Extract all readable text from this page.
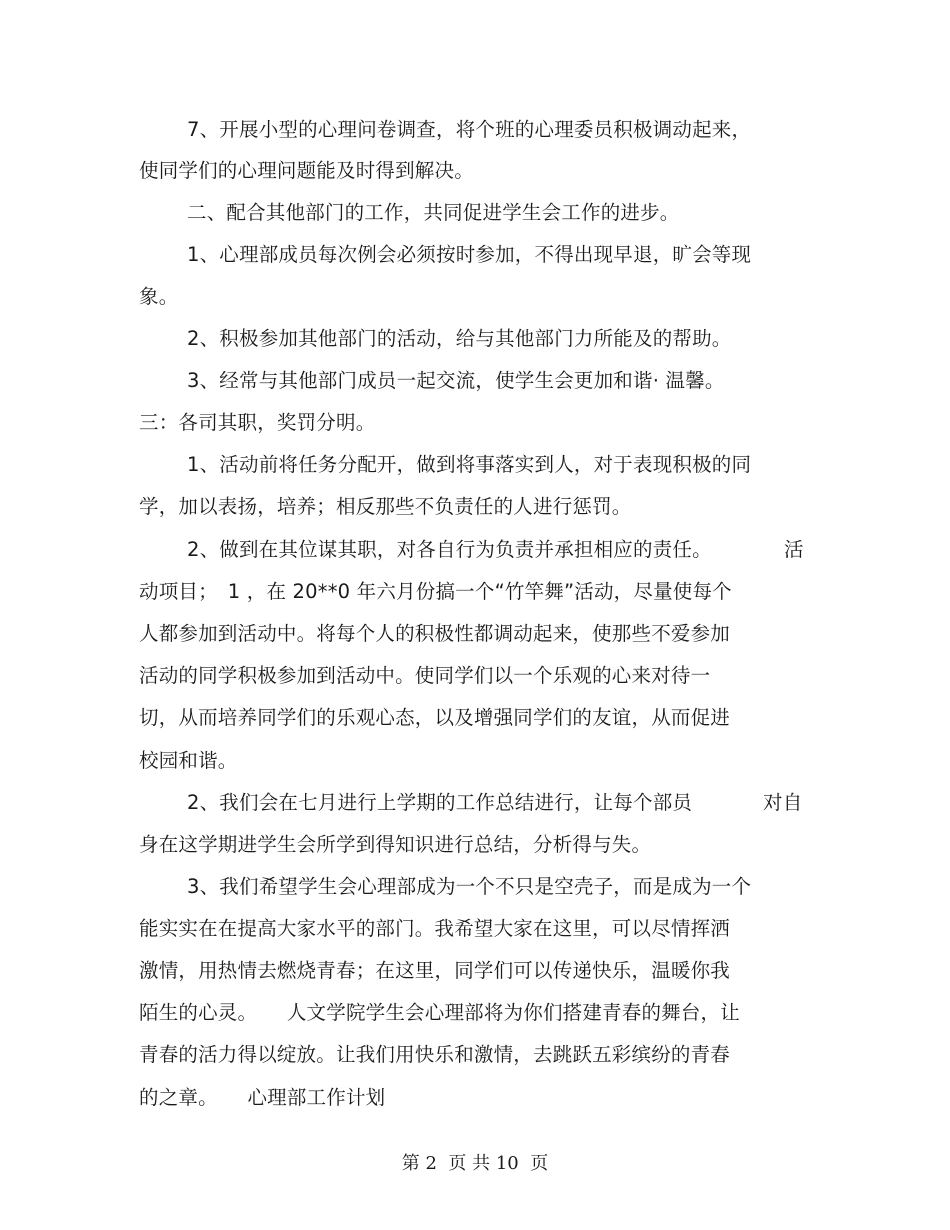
7、开展小型的心理问卷调查，将个班的心理委员积极调动起来，
使同学们的心理问题能及时得到解决。
二、配合其他部门的工作，共同促进学生会工作的进步。
1、心理部成员每次例会必须按时参加，不得出现早退，旷会等现
象。
2、积极参加其他部门的活动，给与其他部门力所能及的帮助。
3、经常与其他部门成员一起交流，使学生会更加和谐· 温馨。
三：各司其职，奖罚分明。
1、活动前将任务分配开，做到将事落实到人，对于表现积极的同
学，加以表扬，培养；相反那些不负责任的人进行惩罚。
2、做到在其位谋其职，对各自行为负责并承担相应的责任。	活
动项目；　1 ，在 20**0 年六月份搞一个“竹竿舞”活动，尽量使每个
人都参加到活动中。将每个人的积极性都调动起来，使那些不爱参加
活动的同学积极参加到活动中。使同学们以一个乐观的心来对待一
切，从而培养同学们的乐观心态，以及增强同学们的友谊，从而促进
校园和谐。
2、我们会在七月进行上学期的工作总结进行，让每个部员	对自
身在这学期进学生会所学到得知识进行总结，分析得与失。
3、我们希望学生会心理部成为一个不只是空壳子，而是成为一个
能实实在在提高大家水平的部门。我希望大家在这里，可以尽情挥洒
激情，用热情去燃烧青春；在这里，同学们可以传递快乐，温暖你我
陌生的心灵。　　人文学院学生会心理部将为你们搭建青春的舞台，让
青春的活力得以绽放。让我们用快乐和激情，去跳跃五彩缤纷的青春
的之章。　　心理部工作计划
第 2  页 共 10  页
